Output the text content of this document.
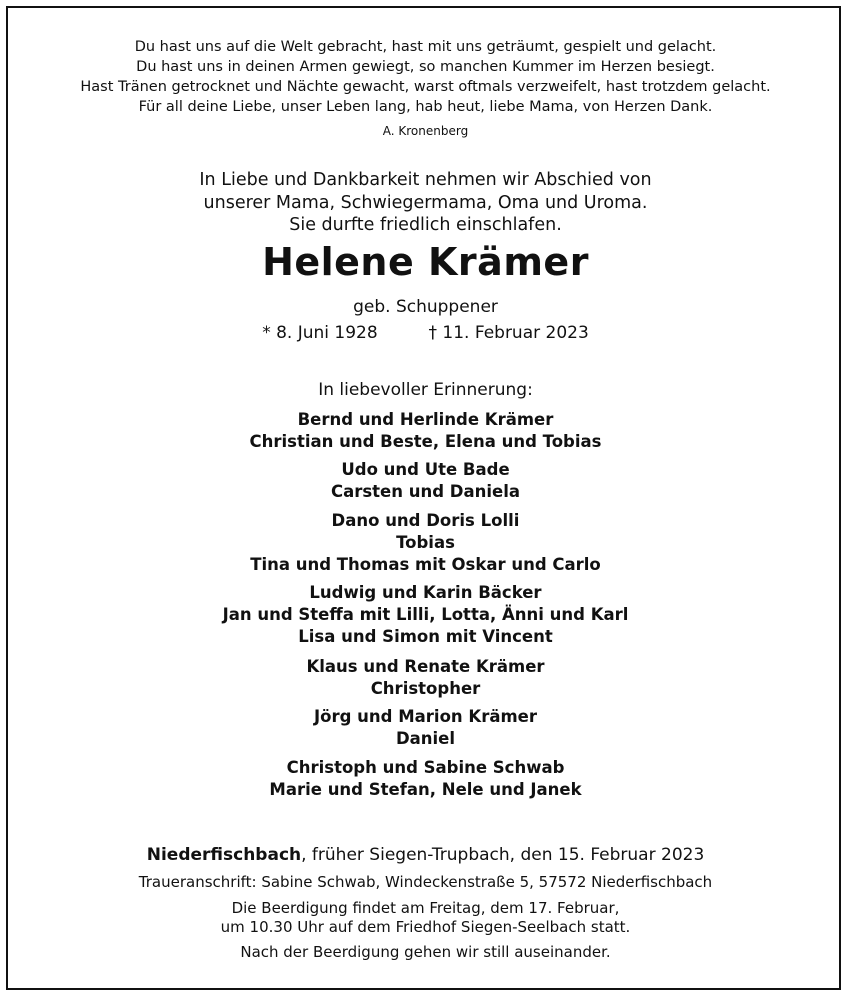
Du hast uns auf die Welt gebracht, hast mit uns geträumt, gespielt und gelacht.
Du hast uns in deinen Armen gewiegt, so manchen Kummer im Herzen besiegt.
Hast Tränen getrocknet und Nächte gewacht, warst oftmals verzweifelt, hast trotzdem gelacht.
Für all deine Liebe, unser Leben lang, hab heut, liebe Mama, von Herzen Dank.
A. Kronenberg
In Liebe und Dankbarkeit nehmen wir Abschied von
unserer Mama, Schwiegermama, Oma und Uroma.
Sie durfte friedlich einschlafen.
Helene Krämer
geb. Schuppener
* 8. Juni 1928	† 11. Februar 2023
In liebevoller Erinnerung:
Bernd und Herlinde Krämer
Christian und Beste, Elena und Tobias
Udo und Ute Bade
Carsten und Daniela
Dano und Doris Lolli
Tobias
Tina und Thomas mit Oskar und Carlo
Ludwig und Karin Bäcker
Jan und Steffa mit Lilli, Lotta, Änni und Karl
Lisa und Simon mit Vincent
Klaus und Renate Krämer
Christopher
Jörg und Marion Krämer
Daniel
Christoph und Sabine Schwab
Marie und Stefan, Nele und Janek
Niederfischbach, früher Siegen-Trupbach, den 15. Februar 2023
Traueranschrift: Sabine Schwab, Windeckenstraße 5, 57572 Niederfischbach
Die Beerdigung findet am Freitag, dem 17. Februar,
um 10.30 Uhr auf dem Friedhof Siegen-Seelbach statt.
Nach der Beerdigung gehen wir still auseinander.
